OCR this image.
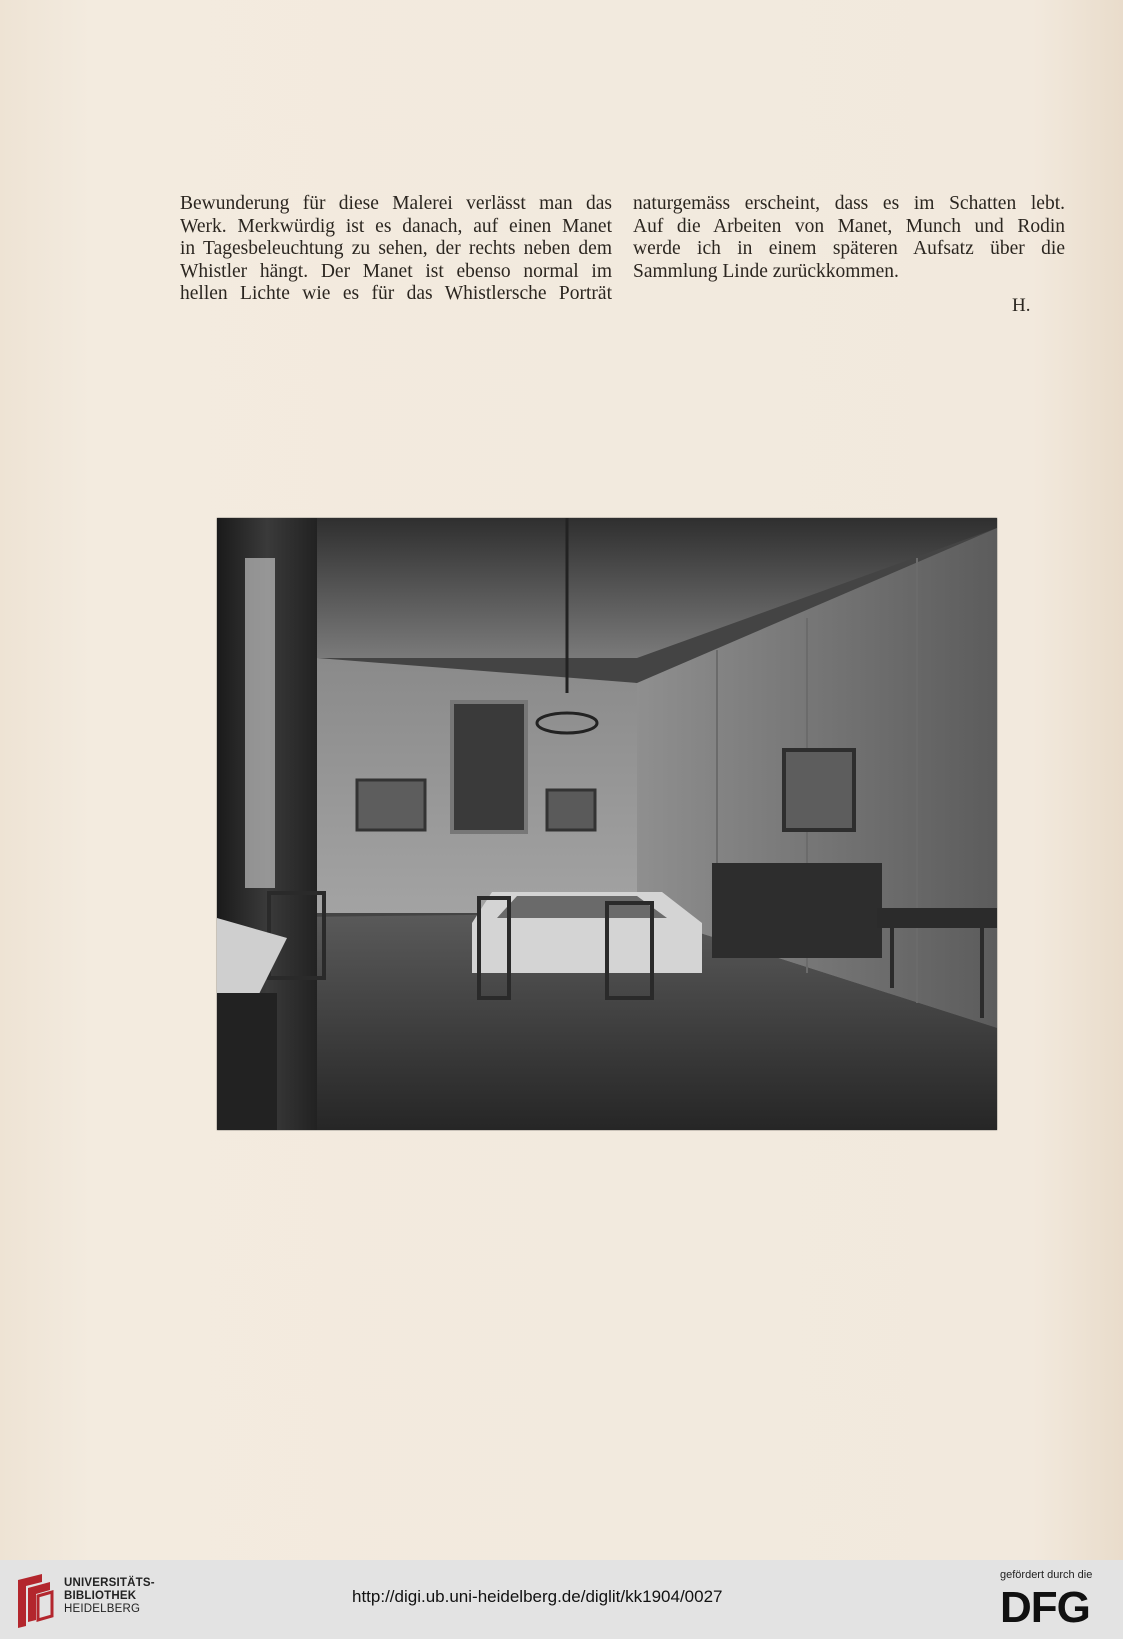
Bewunderung für diese Malerei verlässt man das

Werk. Merkwürdig ist es danach, auf einen Manet

in Tagesbeleuchtung zu sehen, der rechts neben dem

Whistler hängt. Der Manet ist ebenso normal im

hellen Lichte wie es für das Whistlersche Porträt

naturgemäss erscheint, dass es im Schatten lebt.

Auf die Arbeiten von Manet, Munch und Rodin

werde ich in einem späteren Aufsatz über die

Sammlung Linde zurückkommen.

H.
UNIVERSITÄTS-
BIBLIOTHEK
HEIDELBERG
http://digi.ub.uni-heidelberg.de/diglit/kk1904/0027
gefördert durch die
DFG
